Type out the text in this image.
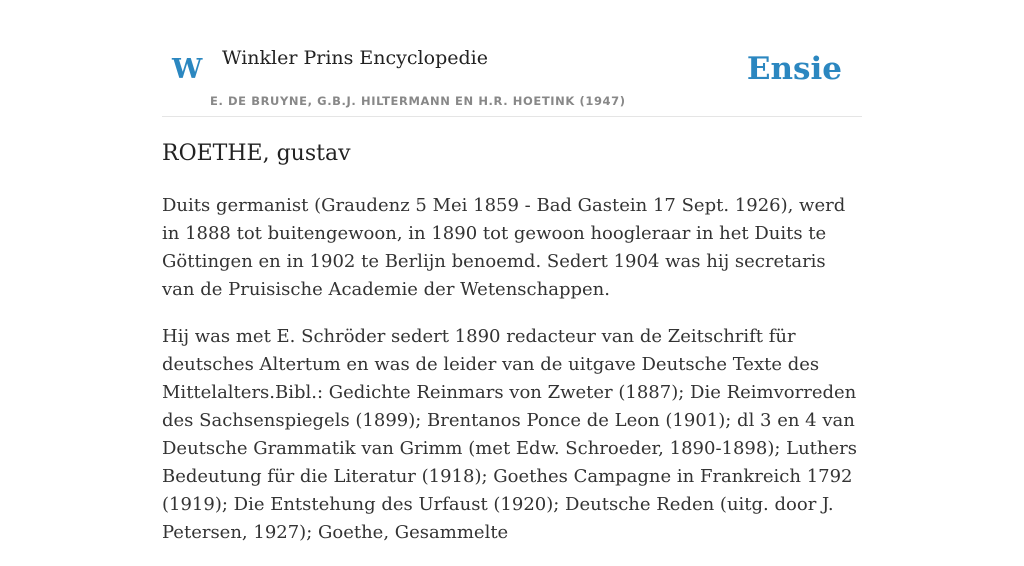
W Winkler Prins Encyclopedie
E. DE BRUYNE, G.B.J. HILTERMANN EN H.R. HOETINK (1947)
Ensie
ROETHE, gustav

Duits germanist (Graudenz 5 Mei 1859 - Bad Gastein 17 Sept. 1926), werd in 1888 tot buitengewoon, in 1890 tot gewoon hoogleraar in het Duits te Göttingen en in 1902 te Berlijn benoemd. Sedert 1904 was hij secretaris van de Pruisische Academie der Wetenschappen.

Hij was met E. Schröder sedert 1890 redacteur van de Zeitschrift für deutsches Altertum en was de leider van de uitgave Deutsche Texte des Mittelalters.Bibl.: Gedichte Reinmars von Zweter (1887); Die Reimvorreden des Sachsenspiegels (1899); Brentanos Ponce de Leon (1901); dl 3 en 4 van Deutsche Grammatik van Grimm (met Edw. Schroeder, 1890-1898); Luthers Bedeutung für die Literatur (1918); Goethes Campagne in Frankreich 1792 (1919); Die Entstehung des Urfaust (1920); Deutsche Reden (uitg. door J. Petersen, 1927); Goethe, Gesammelte
